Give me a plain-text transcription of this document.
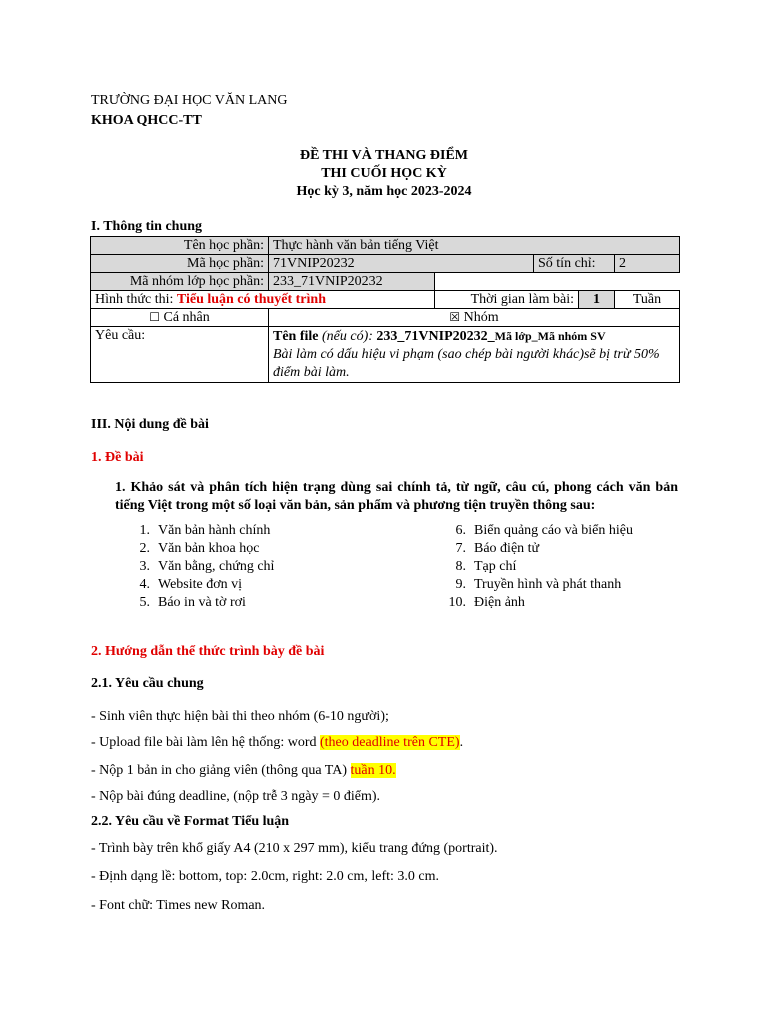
TRƯỜNG ĐẠI HỌC VĂN LANG
KHOA QHCC-TT
ĐỀ THI VÀ THANG ĐIỂM
THI CUỐI HỌC KỲ
Học kỳ 3, năm học 2023-2024
I. Thông tin chung
Tên học phần:	Thực hành văn bản tiếng Việt				
Mã học phần:	71VNIP20232		Số tín chỉ:		2
Mã nhóm lớp học phần:	233_71VNIP20232				
Hình thức thi: Tiểu luận có thuyết trình		Thời gian làm bài:		1	Tuần
☐ Cá nhân	☒ Nhóm				
Yêu cầu:	Tên file (nếu có): 233_71VNIP20232_Mã lớp_Mã nhóm SV
Bài làm có dấu hiệu vi phạm (sao chép bài người khác)sẽ bị trừ 50% điểm bài làm.				
III. Nội dung đề bài
1. Đề bài
1. Khảo sát và phân tích hiện trạng dùng sai chính tả, từ ngữ, câu cú, phong cách văn bản tiếng Việt trong một số loại văn bản, sản phẩm và phương tiện truyền thông sau:
1. Văn bản hành chính
2. Văn bản khoa học
3. Văn bằng, chứng chỉ
4. Website đơn vị
5. Báo in và tờ rơi
6. Biển quảng cáo và biển hiệu
7. Báo điện tử
8. Tạp chí
9. Truyền hình và phát thanh
10. Điện ảnh
2. Hướng dẫn thể thức trình bày đề bài
2.1. Yêu cầu chung
- Sinh viên thực hiện bài thi theo nhóm (6-10 người);
- Upload file bài làm lên hệ thống: word (theo deadline trên CTE).
- Nộp 1 bản in cho giảng viên (thông qua TA) tuần 10.
- Nộp bài đúng deadline, (nộp trễ 3 ngày = 0 điểm).
2.2. Yêu cầu về Format Tiểu luận
- Trình bày trên khổ giấy A4 (210 x 297 mm), kiểu trang đứng (portrait).
- Định dạng lề: bottom, top: 2.0cm, right: 2.0 cm, left: 3.0 cm.
- Font chữ: Times new Roman.
